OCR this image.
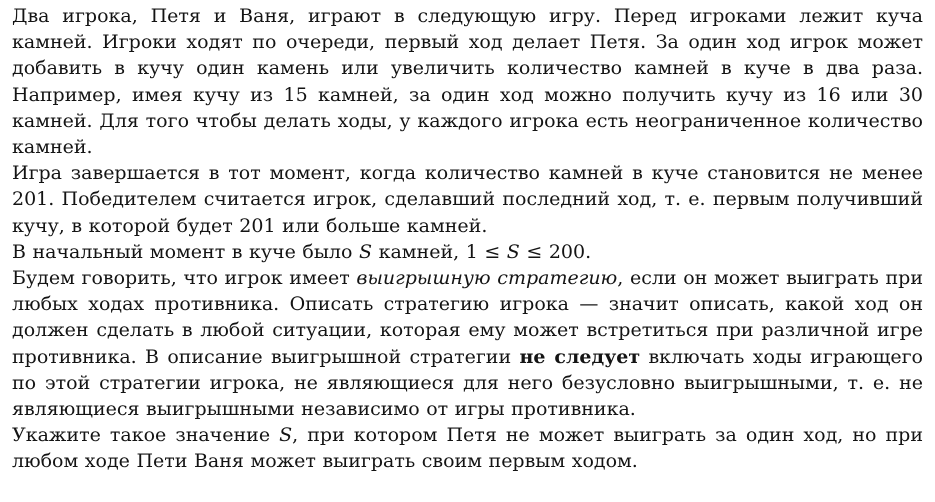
Два игрока, Петя и Ваня, играют в следующую игру. Перед игроками лежит куча камней. Игроки ходят по очереди, первый ход делает Петя. За один ход игрок может добавить в кучу один камень или увеличить количество камней в куче в два раза. Например, имея кучу из 15 камней, за один ход можно получить кучу из 16 или 30 камней. Для того чтобы делать ходы, у каждого игрока есть неограниченное количество камней.

Игра завершается в тот момент, когда количество камней в куче становится не менее 201. Победителем считается игрок, сделавший последний ход, т. е. первым получивший кучу, в которой будет 201 или больше камней.

В начальный момент в куче было S камней, 1 ≤ S ≤ 200.

Будем говорить, что игрок имеет выигрышную стратегию, если он может выиграть при любых ходах противника. Описать стратегию игрока — значит описать, какой ход он должен сделать в любой ситуации, которая ему может встретиться при различной игре противника. В описание выигрышной стратегии не следует включать ходы играющего по этой стратегии игрока, не являющиеся для него безусловно выигрышными, т. е. не являющиеся выигрышными независимо от игры противника.

Укажите такое значение S, при котором Петя не может выиграть за один ход, но при любом ходе Пети Ваня может выиграть своим первым ходом.
